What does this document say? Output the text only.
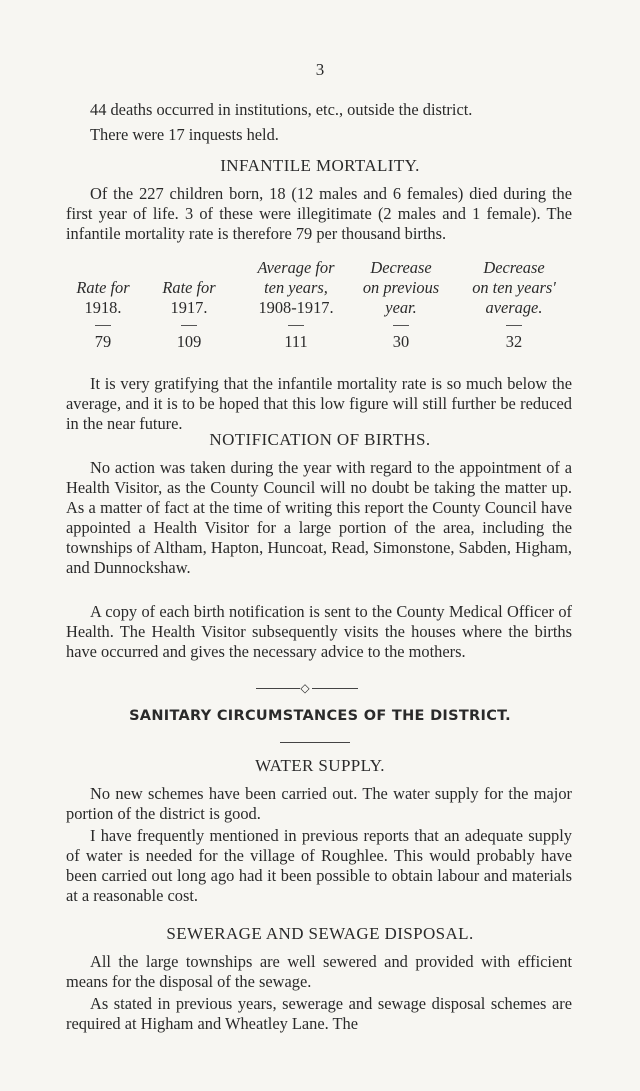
3

44 deaths occurred in institutions, etc., outside the district.

There were 17 inquests held.

INFANTILE MORTALITY.

Of the 227 children born, 18 (12 males and 6 females) died during the first year of life. 3 of these were illegitimate (2 males and 1 female). The infantile mortality rate is therefore 79 per thousand births.

Rate for
1918.
79
Rate for
1917.
109
Average for
ten years,
1908-1917.
111
Decrease
on previous
year.
30
Decrease
on ten years'
average.
32

It is very gratifying that the infantile mortality rate is so much below the average, and it is to be hoped that this low figure will still further be reduced in the near future.

NOTIFICATION OF BIRTHS.

No action was taken during the year with regard to the appointment of a Health Visitor, as the County Council will no doubt be taking the matter up. As a matter of fact at the time of writing this report the County Council have appointed a Health Visitor for a large portion of the area, including the townships of Altham, Hapton, Huncoat, Read, Simonstone, Sabden, Higham, and Dunnockshaw.

A copy of each birth notification is sent to the County Medical Officer of Health. The Health Visitor subsequently visits the houses where the births have occurred and gives the necessary advice to the mothers.

◇
SANITARY CIRCUMSTANCES OF THE DISTRICT.
WATER SUPPLY.

No new schemes have been carried out. The water supply for the major portion of the district is good.

I have frequently mentioned in previous reports that an adequate supply of water is needed for the village of Roughlee. This would probably have been carried out long ago had it been possible to obtain labour and materials at a reasonable cost.

SEWERAGE AND SEWAGE DISPOSAL.

All the large townships are well sewered and provided with efficient means for the disposal of the sewage.

As stated in previous years, sewerage and sewage disposal schemes are required at Higham and Wheatley Lane. The
